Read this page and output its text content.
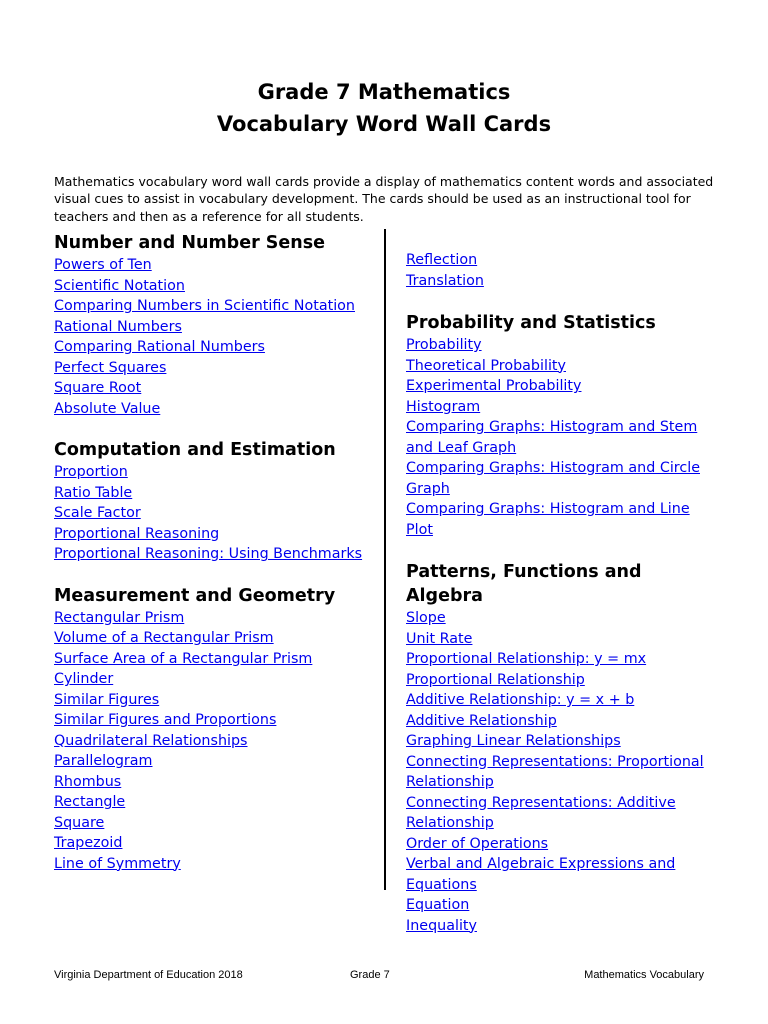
Grade 7 Mathematics
Vocabulary Word Wall Cards

Mathematics vocabulary word wall cards provide a display of mathematics content words and associated visual cues to assist in vocabulary development. The cards should be used as an instructional tool for teachers and then as a reference for all students.

Number and Number Sense
Powers of Ten
Scientific Notation
Comparing Numbers in Scientific Notation
Rational Numbers
Comparing Rational Numbers
Perfect Squares
Square Root
Absolute Value
Computation and Estimation
Proportion
Ratio Table
Scale Factor
Proportional Reasoning
Proportional Reasoning: Using Benchmarks
Measurement and Geometry
Rectangular Prism
Volume of a Rectangular Prism
Surface Area of a Rectangular Prism
Cylinder
Similar Figures
Similar Figures and Proportions
Quadrilateral Relationships
Parallelogram
Rhombus
Rectangle
Square
Trapezoid
Line of Symmetry
Reflection
Translation
Probability and Statistics
Probability
Theoretical Probability
Experimental Probability
Histogram
Comparing Graphs: Histogram and Stem and Leaf Graph
Comparing Graphs: Histogram and Circle Graph
Comparing Graphs: Histogram and Line Plot
Patterns, Functions and Algebra
Slope
Unit Rate
Proportional Relationship: y = mx
Proportional Relationship
Additive Relationship: y = x + b
Additive Relationship
Graphing Linear Relationships
Connecting Representations: Proportional Relationship
Connecting Representations: Additive Relationship
Order of Operations
Verbal and Algebraic Expressions and Equations
Equation
Inequality
Virginia Department of Education 2018	Grade 7	Mathematics Vocabulary
